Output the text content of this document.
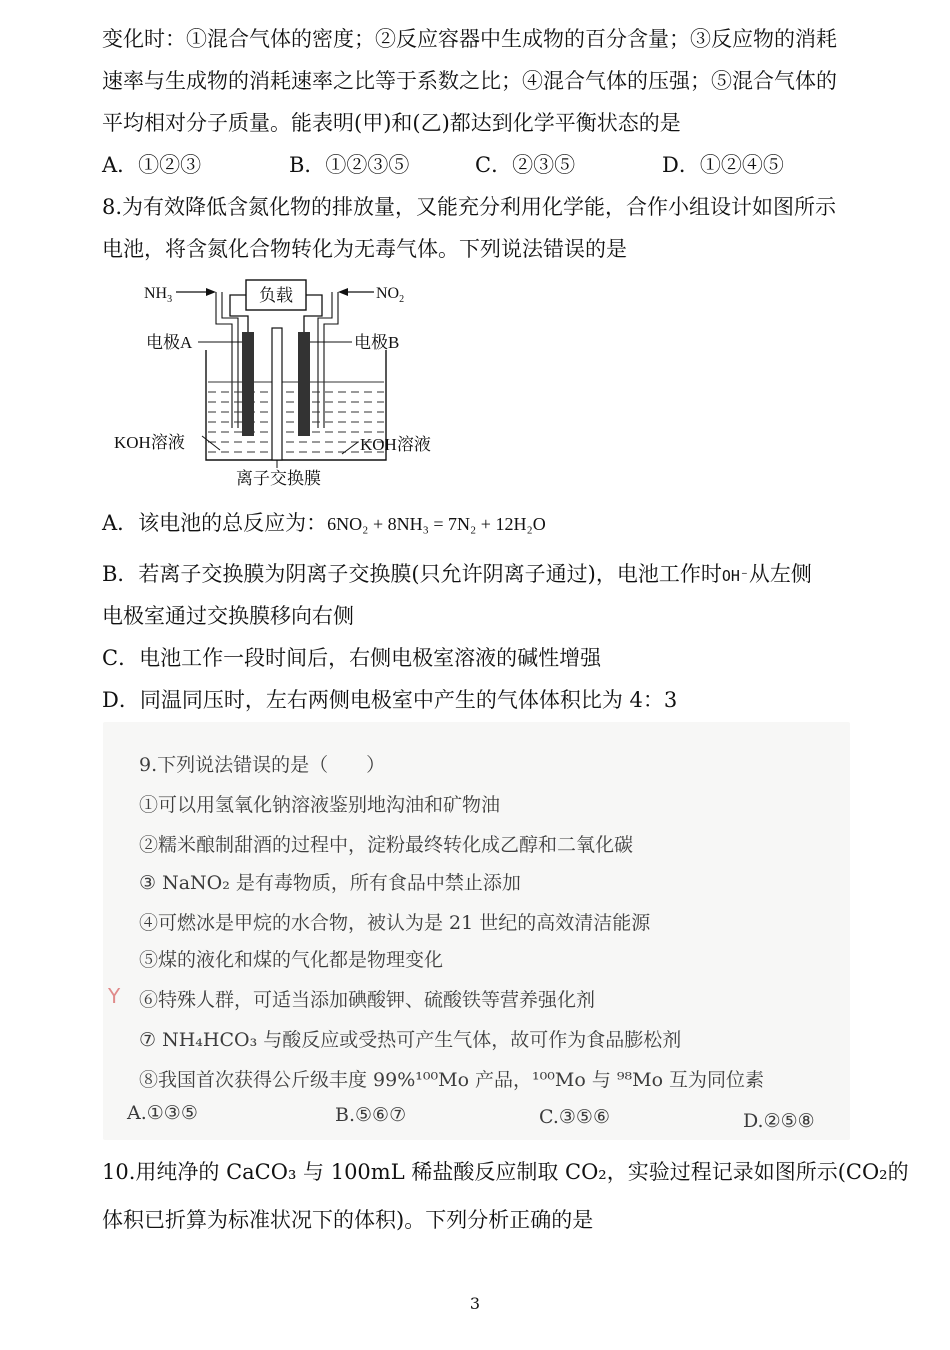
变化时：①混合气体的密度；②反应容器中生成物的百分含量；③反应物的消耗
速率与生成物的消耗速率之比等于系数之比；④混合气体的压强；⑤混合气体的
平均相对分子质量。能表明(甲)和(乙)都达到化学平衡状态的是
A．①②③	B．①②③⑤	C．②③⑤	D．①②④⑤
8.为有效降低含氮化物的排放量，又能充分利用化学能，合作小组设计如图所示
电池，将含氮化合物转化为无毒气体。下列说法错误的是
负载
$NH_3$	$NO_2$
电极A	电极B
KOH溶液	KOH溶液
离子交换膜
A．该电池的总反应为：6NO₂ + 8NH₃ = 7N₂ + 12H₂O
B．若离子交换膜为阴离子交换膜(只允许阴离子通过)，电池工作时OH⁻从左侧
电极室通过交换膜移向右侧
C．电池工作一段时间后，右侧电极室溶液的碱性增强
D．同温同压时，左右两侧电极室中产生的气体体积比为 4：3
9.下列说法错误的是（　　）
①可以用氢氧化钠溶液鉴别地沟油和矿物油
②糯米酿制甜酒的过程中，淀粉最终转化成乙醇和二氧化碳
③ NaNO₂ 是有毒物质，所有食品中禁止添加
④可燃冰是甲烷的水合物，被认为是 21 世纪的高效清洁能源
⑤煤的液化和煤的气化都是物理变化
Y ⑥特殊人群，可适当添加碘酸钾、硫酸铁等营养强化剂
⑦ NH₄HCO₃ 与酸反应或受热可产生气体，故可作为食品膨松剂
⑧我国首次获得公斤级丰度 99%¹⁰⁰Mo 产品，¹⁰⁰Mo 与 ⁹⁸Mo 互为同位素
A.①③⑤	B.⑤⑥⑦	C.③⑤⑥	D.②⑤⑧
10.用纯净的 CaCO₃ 与 100mL 稀盐酸反应制取 CO₂，实验过程记录如图所示(CO₂的
体积已折算为标准状况下的体积)。下列分析正确的是
3
